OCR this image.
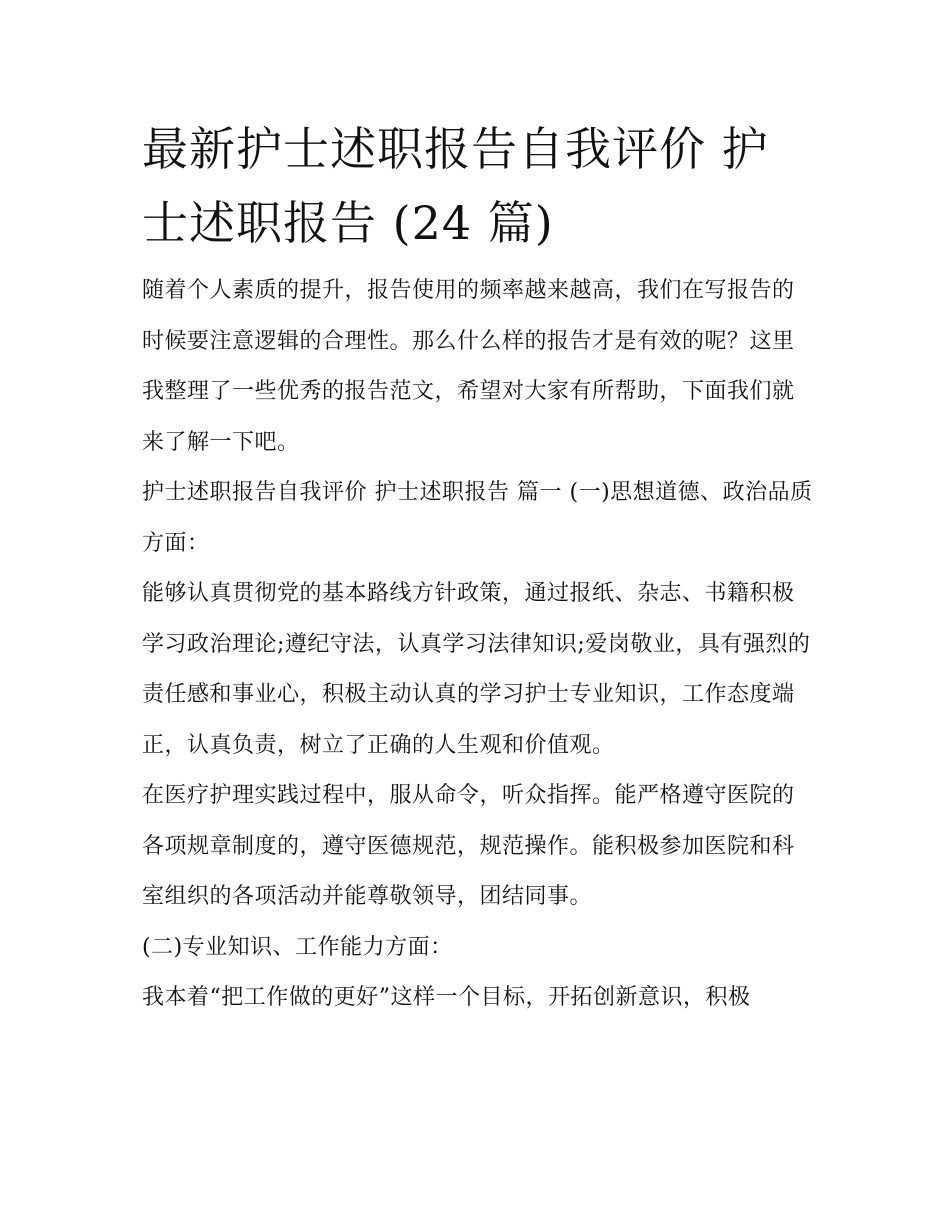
最新护士述职报告自我评价 护士述职报告 (24 篇)

随着个人素质的提升，报告使用的频率越来越高，我们在写报告的时候要注意逻辑的合理性。那么什么样的报告才是有效的呢？这里我整理了一些优秀的报告范文，希望对大家有所帮助，下面我们就来了解一下吧。

护士述职报告自我评价 护士述职报告 篇一 (一)思想道德、政治品质方面：

能够认真贯彻党的基本路线方针政策，通过报纸、杂志、书籍积极学习政治理论;遵纪守法，认真学习法律知识;爱岗敬业，具有强烈的责任感和事业心，积极主动认真的学习护士专业知识，工作态度端正，认真负责，树立了正确的人生观和价值观。

在医疗护理实践过程中，服从命令，听众指挥。能严格遵守医院的各项规章制度的，遵守医德规范，规范操作。能积极参加医院和科室组织的各项活动并能尊敬领导，团结同事。

(二)专业知识、工作能力方面：

我本着“把工作做的更好”这样一个目标，开拓创新意识，积极
